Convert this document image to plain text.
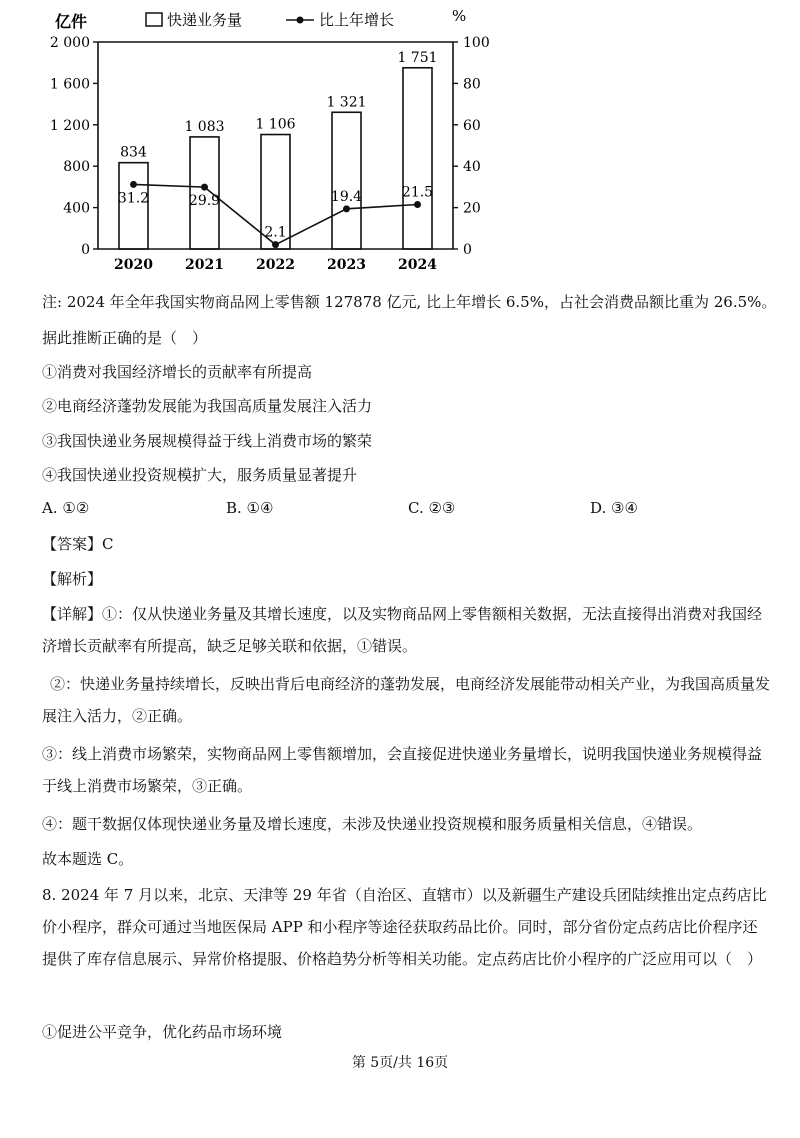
0
400
800
1 200
1 600
2 000
0
20
40
60
80
100
834
1 083 1 106
1 321
1 751
31.2	29.9
2.1
19.4	21.5
2020 2021 2022 2023 2024
亿件	%
快递业务量	比上年增长
注: 2024 年全年我国实物商品网上零售额 127878 亿元, 比上年增长 6.5%，占社会消费品额比重为 26.5%。
据此推断正确的是（　）
①消费对我国经济增长的贡献率有所提高
②电商经济蓬勃发展能为我国高质量发展注入活力
③我国快递业务展规模得益于线上消费市场的繁荣
④我国快递业投资规模扩大，服务质量显著提升
A. ①②	B. ①④	C. ②③	D. ③④
【答案】C
【解析】
【详解】①：仅从快递业务量及其增长速度，以及实物商品网上零售额相关数据，无法直接得出消费对我国经济增长贡献率有所提高，缺乏足够关联和依据，①错误。
②：快递业务量持续增长，反映出背后电商经济的蓬勃发展，电商经济发展能带动相关产业，为我国高质量发展注入活力，②正确。
③：线上消费市场繁荣，实物商品网上零售额增加，会直接促进快递业务量增长，说明我国快递业务规模得益于线上消费市场繁荣，③正确。
④：题干数据仅体现快递业务量及增长速度，未涉及快递业投资规模和服务质量相关信息，④错误。
故本题选 C。
8. 2024 年 7 月以来，北京、天津等 29 年省（自治区、直辖市）以及新疆生产建设兵团陆续推出定点药店比价小程序，群众可通过当地医保局 APP 和小程序等途径获取药品比价。同时，部分省份定点药店比价程序还提供了库存信息展示、异常价格提服、价格趋势分析等相关功能。定点药店比价小程序的广泛应用可以（　）
①促进公平竞争，优化药品市场环境
第 5页/共 16页
